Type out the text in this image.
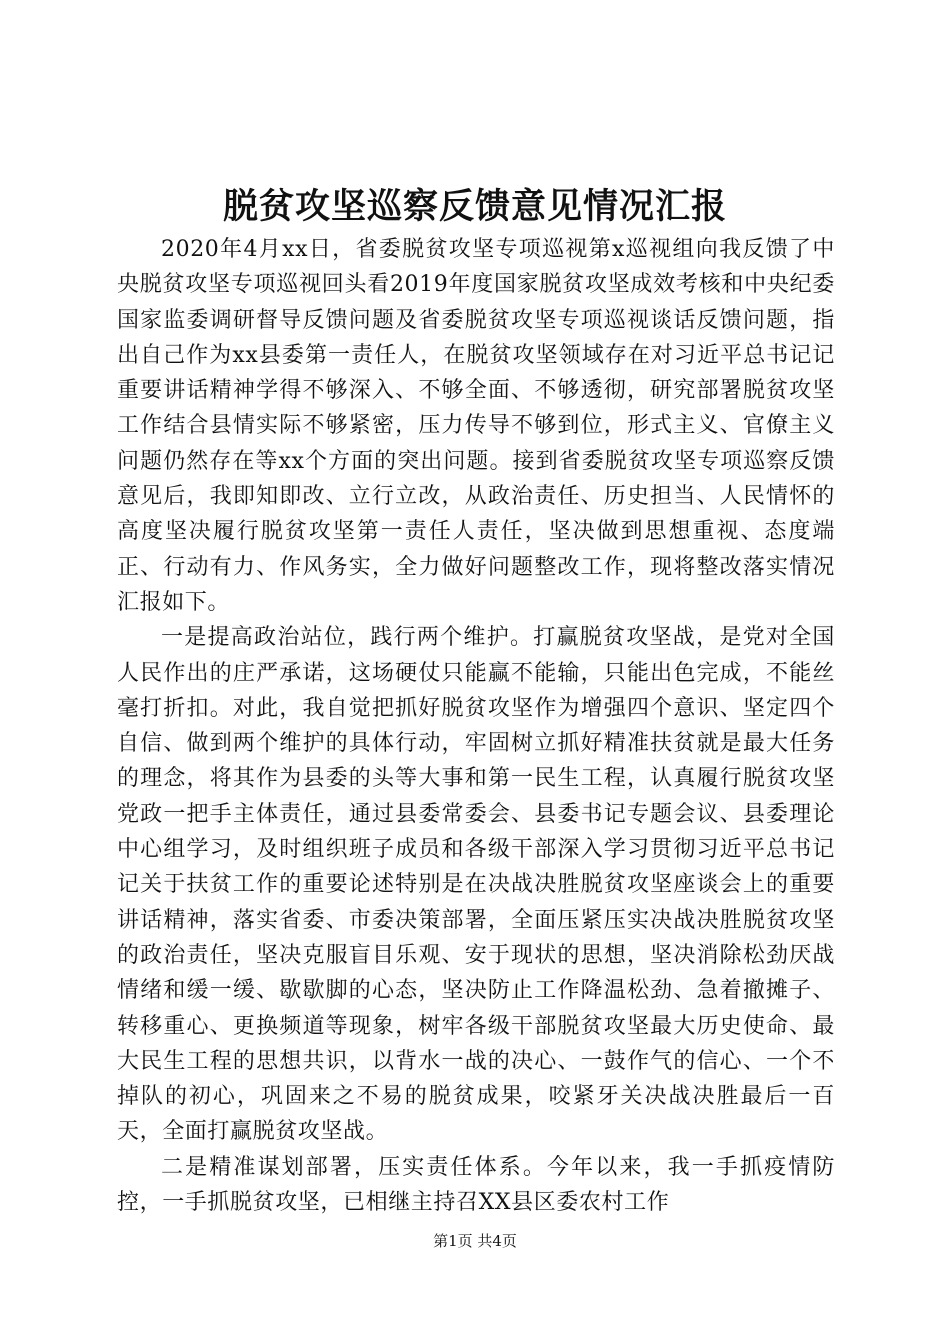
脱贫攻坚巡察反馈意见情况汇报

2020年4月xx日，省委脱贫攻坚专项巡视第x巡视组向我反馈了中央脱贫攻坚专项巡视回头看2019年度国家脱贫攻坚成效考核和中央纪委国家监委调研督导反馈问题及省委脱贫攻坚专项巡视谈话反馈问题，指出自己作为xx县委第一责任人，在脱贫攻坚领域存在对习近平总书记记重要讲话精神学得不够深入、不够全面、不够透彻，研究部署脱贫攻坚工作结合县情实际不够紧密，压力传导不够到位，形式主义、官僚主义问题仍然存在等xx个方面的突出问题。接到省委脱贫攻坚专项巡察反馈意见后，我即知即改、立行立改，从政治责任、历史担当、人民情怀的高度坚决履行脱贫攻坚第一责任人责任，坚决做到思想重视、态度端正、行动有力、作风务实，全力做好问题整改工作，现将整改落实情况汇报如下。

一是提高政治站位，践行两个维护。打赢脱贫攻坚战，是党对全国人民作出的庄严承诺，这场硬仗只能赢不能输，只能出色完成，不能丝毫打折扣。对此，我自觉把抓好脱贫攻坚作为增强四个意识、坚定四个自信、做到两个维护的具体行动，牢固树立抓好精准扶贫就是最大任务的理念，将其作为县委的头等大事和第一民生工程，认真履行脱贫攻坚党政一把手主体责任，通过县委常委会、县委书记专题会议、县委理论中心组学习，及时组织班子成员和各级干部深入学习贯彻习近平总书记记关于扶贫工作的重要论述特别是在决战决胜脱贫攻坚座谈会上的重要讲话精神，落实省委、市委决策部署，全面压紧压实决战决胜脱贫攻坚的政治责任，坚决克服盲目乐观、安于现状的思想，坚决消除松劲厌战情绪和缓一缓、歇歇脚的心态，坚决防止工作降温松劲、急着撤摊子、转移重心、更换频道等现象，树牢各级干部脱贫攻坚最大历史使命、最大民生工程的思想共识，以背水一战的决心、一鼓作气的信心、一个不掉队的初心，巩固来之不易的脱贫成果，咬紧牙关决战决胜最后一百天，全面打赢脱贫攻坚战。

二是精准谋划部署，压实责任体系。今年以来，我一手抓疫情防控，一手抓脱贫攻坚，已相继主持召XX县区委农村工作

第1页 共4页
